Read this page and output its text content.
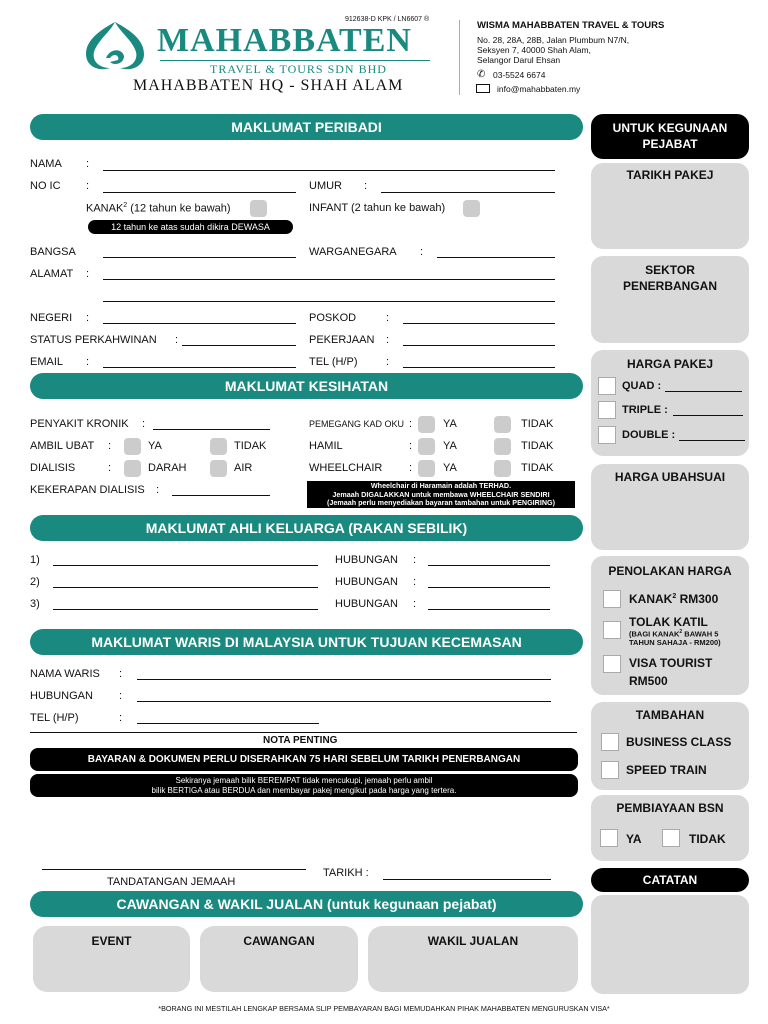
912638-D KPK / LN6607 ®
MAHABBATEN
TRAVEL & TOURS SDN BHD
MAHABBATEN HQ - SHAH ALAM
WISMA MAHABBATEN TRAVEL & TOURS
No. 28, 28A, 28B, Jalan Plumbum N7/N,
Seksyen 7, 40000 Shah Alam,
Selangor Darul Ehsan
✆ 03-5524 6674
info@mahabbaten.my
MAKLUMAT PERIBADI
NAMA :
NO IC :	UMUR :
KANAK$^2$ (12 tahun ke bawah)	INFANT (2 tahun ke bawah)
12 tahun ke atas sudah dikira DEWASA
BANGSA	WARGANEGARA :
ALAMAT :
NEGERI :	POSKOD	:
STATUS PERKAHWINAN :	PEKERJAAN :
EMAIL :	TEL (H/P)	:
MAKLUMAT KESIHATAN
PENYAKIT KRONIK :
AMBIL UBAT :	YA	TIDAK
DIALISIS	:	DARAH	AIR
KEKERAPAN DIALISIS :
PEMEGANG KAD OKU :	YA	TIDAK
HAMIL	:	YA	TIDAK
WHEELCHAIR :	YA	TIDAK
Wheelchair di Haramain adalah TERHAD.
Jemaah DIGALAKKAN untuk membawa WHEELCHAIR SENDIRI
(Jemaah perlu menyediakan bayaran tambahan untuk PENGIRING)
MAKLUMAT AHLI KELUARGA (RAKAN SEBILIK)
1)	HUBUNGAN :
2)	HUBUNGAN :
3)	HUBUNGAN :
MAKLUMAT WARIS DI MALAYSIA UNTUK TUJUAN KECEMASAN
NAMA WARIS :
HUBUNGAN :
TEL (H/P)	:
NOTA PENTING
BAYARAN & DOKUMEN PERLU DISERAHKAN 75 HARI SEBELUM TARIKH PENERBANGAN
Sekiranya jemaah bilik BEREMPAT tidak mencukupi, jemaah perlu ambil
bilik BERTIGA atau BERDUA dan membayar pakej mengikut pada harga yang tertera.
TANDATANGAN JEMAAH
TARIKH :
CAWANGAN & WAKIL JUALAN (untuk kegunaan pejabat)
EVENT	CAWANGAN	WAKIL JUALAN
*BORANG INI MESTILAH LENGKAP BERSAMA SLIP PEMBAYARAN BAGI MEMUDAHKAN PIHAK MAHABBATEN MENGURUSKAN VISA*
UNTUK KEGUNAAN
PEJABAT
TARIKH PAKEJ
SEKTOR
PENERBANGAN
HARGA PAKEJ
QUAD :
TRIPLE :
DOUBLE :
HARGA UBAHSUAI
PENOLAKAN HARGA
KANAK$^2$ RM300
TOLAK KATIL
(BAGI KANAK$^2$ BAWAH 5
TAHUN SAHAJA - RM200)
VISA TOURIST
RM500
TAMBAHAN
BUSINESS CLASS
SPEED TRAIN
PEMBIAYAAN BSN
YA	TIDAK
CATATAN
